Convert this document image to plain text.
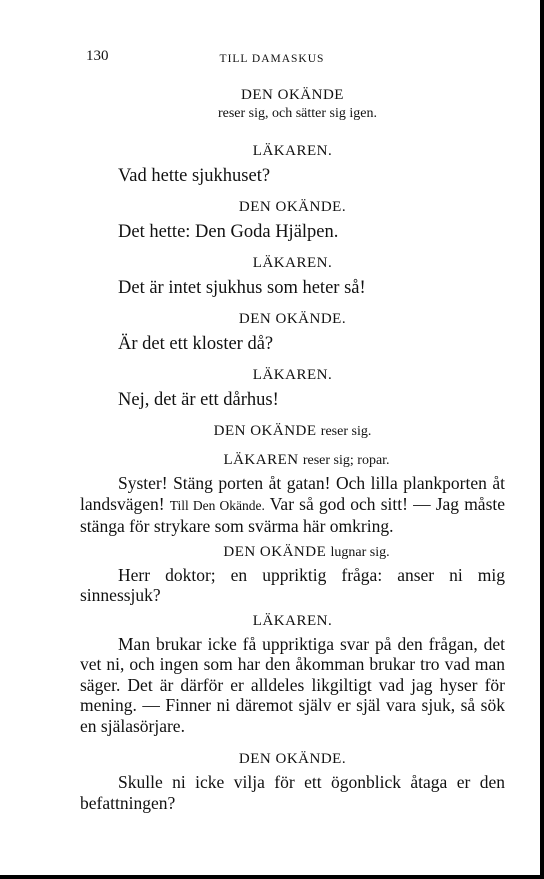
130	TILL DAMASKUS

DEN OKÄNDE

reser sig, och sätter sig igen.

LÄKAREN.

Vad hette sjukhuset?

DEN OKÄNDE.

Det hette: Den Goda Hjälpen.

LÄKAREN.

Det är intet sjukhus som heter så!

DEN OKÄNDE.

Är det ett kloster då?

LÄKAREN.

Nej, det är ett dårhus!

DEN OKÄNDE reser sig.

LÄKAREN reser sig; ropar.

Syster! Stäng porten åt gatan! Och lilla plankporten åt landsvägen! Till Den Okände. Var så god och sitt! — Jag måste stänga för strykare som svärma här omkring.

DEN OKÄNDE lugnar sig.

Herr doktor; en uppriktig fråga: anser ni mig sinnessjuk?

LÄKAREN.

Man brukar icke få uppriktiga svar på den frågan, det vet ni, och ingen som har den åkomman brukar tro vad man säger. Det är därför er alldeles likgiltigt vad jag hyser för mening. — Finner ni däremot själv er själ vara sjuk, så sök en själasörjare.

DEN OKÄNDE.

Skulle ni icke vilja för ett ögonblick åtaga er den befattningen?
